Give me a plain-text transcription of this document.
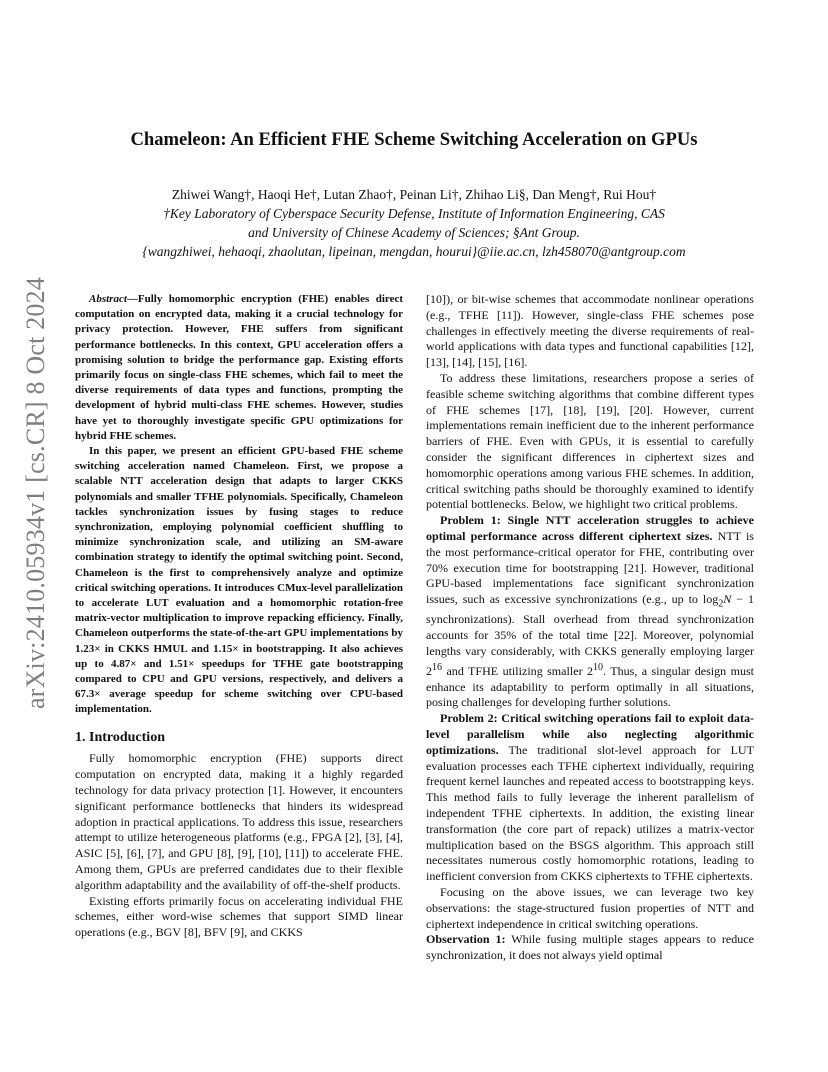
arXiv:2410.05934v1 [cs.CR] 8 Oct 2024
Chameleon: An Efficient FHE Scheme Switching Acceleration on GPUs
Zhiwei Wang†, Haoqi He†, Lutan Zhao†, Peinan Li†, Zhihao Li§, Dan Meng†, Rui Hou†
†Key Laboratory of Cyberspace Security Defense, Institute of Information Engineering, CAS
and University of Chinese Academy of Sciences; §Ant Group.
{wangzhiwei, hehaoqi, zhaolutan, lipeinan, mengdan, hourui}@iie.ac.cn, lzh458070@antgroup.com

Abstract—Fully homomorphic encryption (FHE) enables direct computation on encrypted data, making it a crucial technology for privacy protection. However, FHE suffers from significant performance bottlenecks. In this context, GPU acceleration offers a promising solution to bridge the performance gap. Existing efforts primarily focus on single-class FHE schemes, which fail to meet the diverse requirements of data types and functions, prompting the development of hybrid multi-class FHE schemes. However, studies have yet to thoroughly investigate specific GPU optimizations for hybrid FHE schemes.

In this paper, we present an efficient GPU-based FHE scheme switching acceleration named Chameleon. First, we propose a scalable NTT acceleration design that adapts to larger CKKS polynomials and smaller TFHE polynomials. Specifically, Chameleon tackles synchronization issues by fusing stages to reduce synchronization, employing polynomial coefficient shuffling to minimize synchronization scale, and utilizing an SM-aware combination strategy to identify the optimal switching point. Second, Chameleon is the first to comprehensively analyze and optimize critical switching operations. It introduces CMux-level parallelization to accelerate LUT evaluation and a homomorphic rotation-free matrix-vector multiplication to improve repacking efficiency. Finally, Chameleon outperforms the state-of-the-art GPU implementations by 1.23× in CKKS HMUL and 1.15× in bootstrapping. It also achieves up to 4.87× and 1.51× speedups for TFHE gate bootstrapping compared to CPU and GPU versions, respectively, and delivers a 67.3× average speedup for scheme switching over CPU-based implementation.

1. Introduction

Fully homomorphic encryption (FHE) supports direct computation on encrypted data, making it a highly regarded technology for data privacy protection [1]. However, it encounters significant performance bottlenecks that hinders its widespread adoption in practical applications. To address this issue, researchers attempt to utilize heterogeneous platforms (e.g., FPGA [2], [3], [4], ASIC [5], [6], [7], and GPU [8], [9], [10], [11]) to accelerate FHE. Among them, GPUs are preferred candidates due to their flexible algorithm adaptability and the availability of off-the-shelf products.

Existing efforts primarily focus on accelerating individual FHE schemes, either word-wise schemes that support SIMD linear operations (e.g., BGV [8], BFV [9], and CKKS

[10]), or bit-wise schemes that accommodate nonlinear operations (e.g., TFHE [11]). However, single-class FHE schemes pose challenges in effectively meeting the diverse requirements of real-world applications with data types and functional capabilities [12], [13], [14], [15], [16].

To address these limitations, researchers propose a series of feasible scheme switching algorithms that combine different types of FHE schemes [17], [18], [19], [20]. However, current implementations remain inefficient due to the inherent performance barriers of FHE. Even with GPUs, it is essential to carefully consider the significant differences in ciphertext sizes and homomorphic operations among various FHE schemes. In addition, critical switching paths should be thoroughly examined to identify potential bottlenecks. Below, we highlight two critical problems.

Problem 1: Single NTT acceleration struggles to achieve optimal performance across different ciphertext sizes. NTT is the most performance-critical operator for FHE, contributing over 70% execution time for bootstrapping [21]. However, traditional GPU-based implementations face significant synchronization issues, such as excessive synchronizations (e.g., up to $\log_2N - 1$ synchronizations). Stall overhead from thread synchronization accounts for 35% of the total time [22]. Moreover, polynomial lengths vary considerably, with CKKS generally employing larger $2^{16}$ and TFHE utilizing smaller $2^{10}$. Thus, a singular design must enhance its adaptability to perform optimally in all situations, posing challenges for developing further solutions.

Problem 2: Critical switching operations fail to exploit data-level parallelism while also neglecting algorithmic optimizations. The traditional slot-level approach for LUT evaluation processes each TFHE ciphertext individually, requiring frequent kernel launches and repeated access to bootstrapping keys. This method fails to fully leverage the inherent parallelism of independent TFHE ciphertexts. In addition, the existing linear transformation (the core part of repack) utilizes a matrix-vector multiplication based on the BSGS algorithm. This approach still necessitates numerous costly homomorphic rotations, leading to inefficient conversion from CKKS ciphertexts to TFHE ciphertexts.

Focusing on the above issues, we can leverage two key observations: the stage-structured fusion properties of NTT and ciphertext independence in critical switching operations.

Observation 1: While fusing multiple stages appears to reduce synchronization, it does not always yield optimal
